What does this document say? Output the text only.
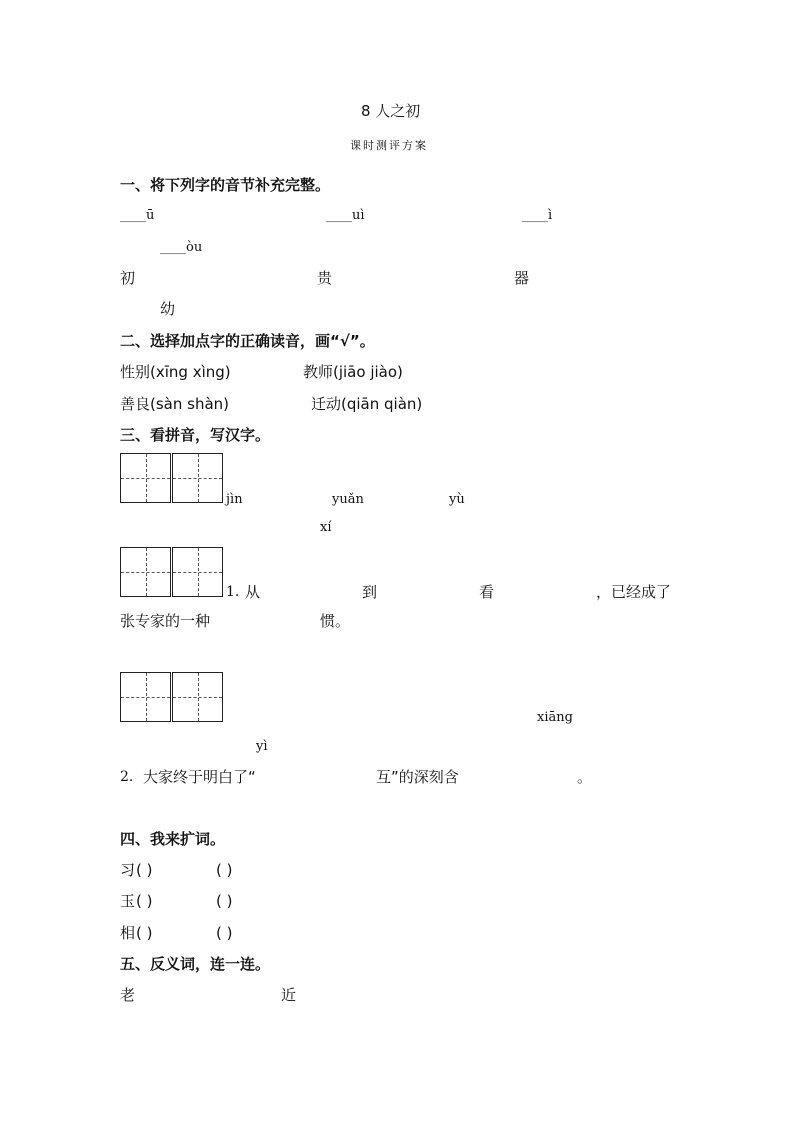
8 人之初
课时测评方案
一、将下列字的音节补充完整。
____ū	____uì	____ì
____òu
初	贵	器
幼
二、选择加点字的正确读音，画“√”。
性别(xīng xìng)	教师(jiāo jiào)
善良(sàn shàn)	迁动(qiān qiàn)
三、看拼音，写汉字。
jìn	yuǎn	yù
xí
1. 从	到	看	，已经成了
张专家的一种	惯。
xiāng
yì
2. 大家终于明白了“	互”的深刻含	。
四、我来扩词。
习 ( )	( )
玉 ( )	( )
相 ( )	( )
五、反义词，连一连。
老	近
